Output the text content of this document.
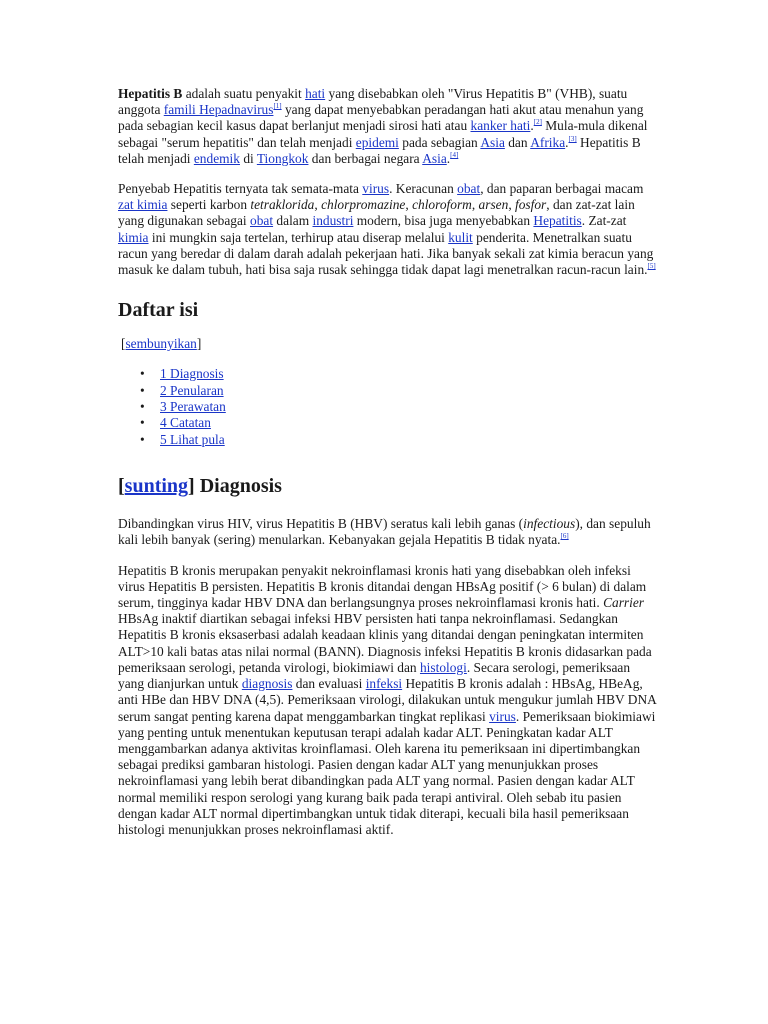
Hepatitis B adalah suatu penyakit hati yang disebabkan oleh "Virus Hepatitis B" (VHB), suatu anggota famili Hepadnavirus[1] yang dapat menyebabkan peradangan hati akut atau menahun yang pada sebagian kecil kasus dapat berlanjut menjadi sirosi hati atau kanker hati.[2] Mula-mula dikenal sebagai "serum hepatitis" dan telah menjadi epidemi pada sebagian Asia dan Afrika.[3] Hepatitis B telah menjadi endemik di Tiongkok dan berbagai negara Asia.[4]

Penyebab Hepatitis ternyata tak semata-mata virus. Keracunan obat, dan paparan berbagai macam zat kimia seperti karbon tetraklorida, chlorpromazine, chloroform, arsen, fosfor, dan zat-zat lain yang digunakan sebagai obat dalam industri modern, bisa juga menyebabkan Hepatitis. Zat-zat kimia ini mungkin saja tertelan, terhirup atau diserap melalui kulit penderita. Menetralkan suatu racun yang beredar di dalam darah adalah pekerjaan hati. Jika banyak sekali zat kimia beracun yang masuk ke dalam tubuh, hati bisa saja rusak sehingga tidak dapat lagi menetralkan racun-racun lain.[5]

Daftar isi
[sembunyikan]
• 1 Diagnosis
• 2 Penularan
• 3 Perawatan
• 4 Catatan
• 5 Lihat pula
[sunting] Diagnosis

Dibandingkan virus HIV, virus Hepatitis B (HBV) seratus kali lebih ganas (infectious), dan sepuluh kali lebih banyak (sering) menularkan. Kebanyakan gejala Hepatitis B tidak nyata.[6]

Hepatitis B kronis merupakan penyakit nekroinflamasi kronis hati yang disebabkan oleh infeksi virus Hepatitis B persisten. Hepatitis B kronis ditandai dengan HBsAg positif (> 6 bulan) di dalam serum, tingginya kadar HBV DNA dan berlangsungnya proses nekroinflamasi kronis hati. Carrier HBsAg inaktif diartikan sebagai infeksi HBV persisten hati tanpa nekroinflamasi. Sedangkan Hepatitis B kronis eksaserbasi adalah keadaan klinis yang ditandai dengan peningkatan intermiten ALT>10 kali batas atas nilai normal (BANN). Diagnosis infeksi Hepatitis B kronis didasarkan pada pemeriksaan serologi, petanda virologi, biokimiawi dan histologi. Secara serologi, pemeriksaan yang dianjurkan untuk diagnosis dan evaluasi infeksi Hepatitis B kronis adalah : HBsAg, HBeAg, anti HBe dan HBV DNA (4,5). Pemeriksaan virologi, dilakukan untuk mengukur jumlah HBV DNA serum sangat penting karena dapat menggambarkan tingkat replikasi virus. Pemeriksaan biokimiawi yang penting untuk menentukan keputusan terapi adalah kadar ALT. Peningkatan kadar ALT menggambarkan adanya aktivitas kroinflamasi. Oleh karena itu pemeriksaan ini dipertimbangkan sebagai prediksi gambaran histologi. Pasien dengan kadar ALT yang menunjukkan proses nekroinflamasi yang lebih berat dibandingkan pada ALT yang normal. Pasien dengan kadar ALT normal memiliki respon serologi yang kurang baik pada terapi antiviral. Oleh sebab itu pasien dengan kadar ALT normal dipertimbangkan untuk tidak diterapi, kecuali bila hasil pemeriksaan histologi menunjukkan proses nekroinflamasi aktif.
